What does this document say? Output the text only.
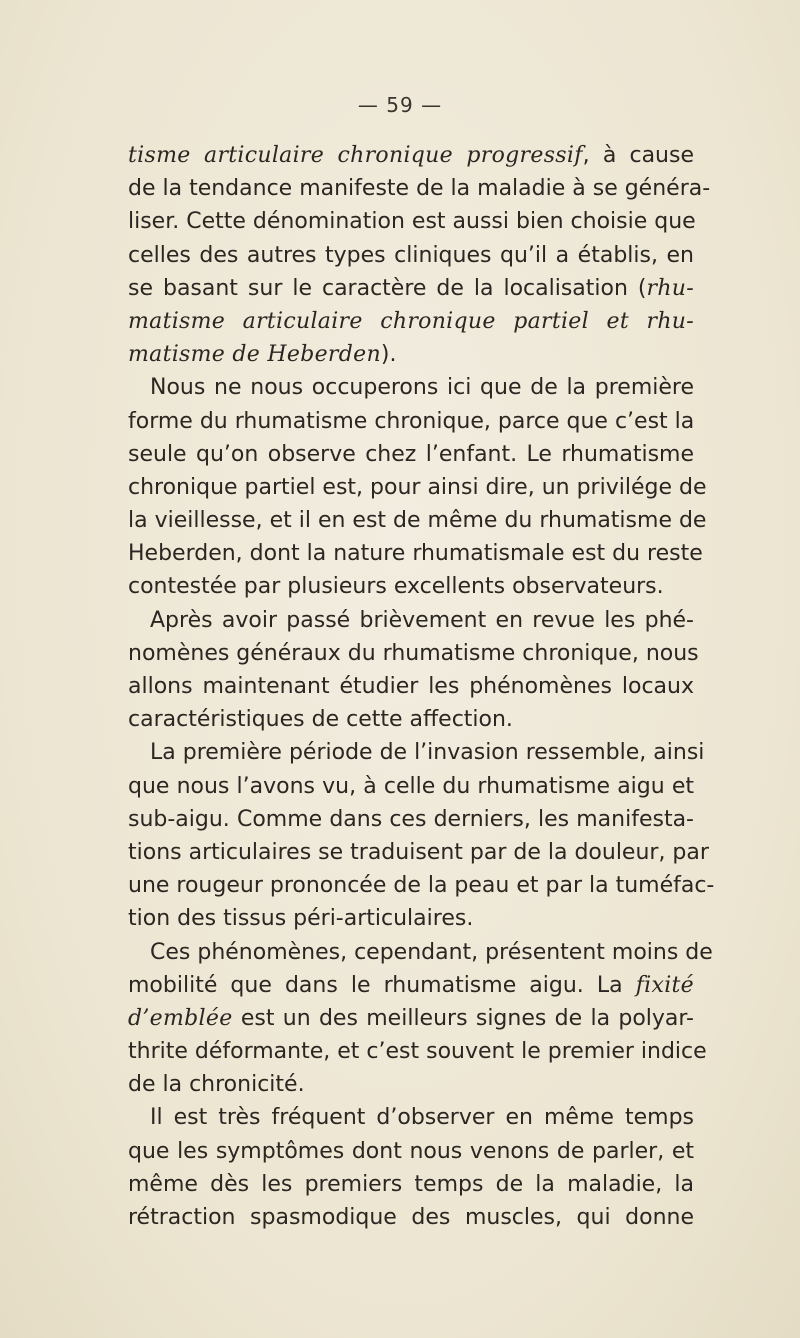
— 59 —
tisme articulaire chronique progressif, à cause
de la tendance manifeste de la maladie à se généra-
liser. Cette dénomination est aussi bien choisie que
celles des autres types cliniques qu’il a établis, en
se basant sur le caractère de la localisation (rhu-
matisme articulaire chronique partiel et rhu-
matisme de Heberden).
Nous ne nous occuperons ici que de la première
forme du rhumatisme chronique, parce que c’est la
seule qu’on observe chez l’enfant. Le rhumatisme
chronique partiel est, pour ainsi dire, un privilége de
la vieillesse, et il en est de même du rhumatisme de
Heberden, dont la nature rhumatismale est du reste
contestée par plusieurs excellents observateurs.
Après avoir passé brièvement en revue les phé-
nomènes généraux du rhumatisme chronique, nous
allons maintenant étudier les phénomènes locaux
caractéristiques de cette affection.
La première période de l’invasion ressemble, ainsi
que nous l’avons vu, à celle du rhumatisme aigu et
sub-aigu. Comme dans ces derniers, les manifesta-
tions articulaires se traduisent par de la douleur, par
une rougeur prononcée de la peau et par la tuméfac-
tion des tissus péri-articulaires.
Ces phénomènes, cependant, présentent moins de
mobilité que dans le rhumatisme aigu. La fixité
d’emblée est un des meilleurs signes de la polyar-
thrite déformante, et c’est souvent le premier indice
de la chronicité.
Il est très fréquent d’observer en même temps
que les symptômes dont nous venons de parler, et
même dès les premiers temps de la maladie, la
rétraction spasmodique des muscles, qui donne
